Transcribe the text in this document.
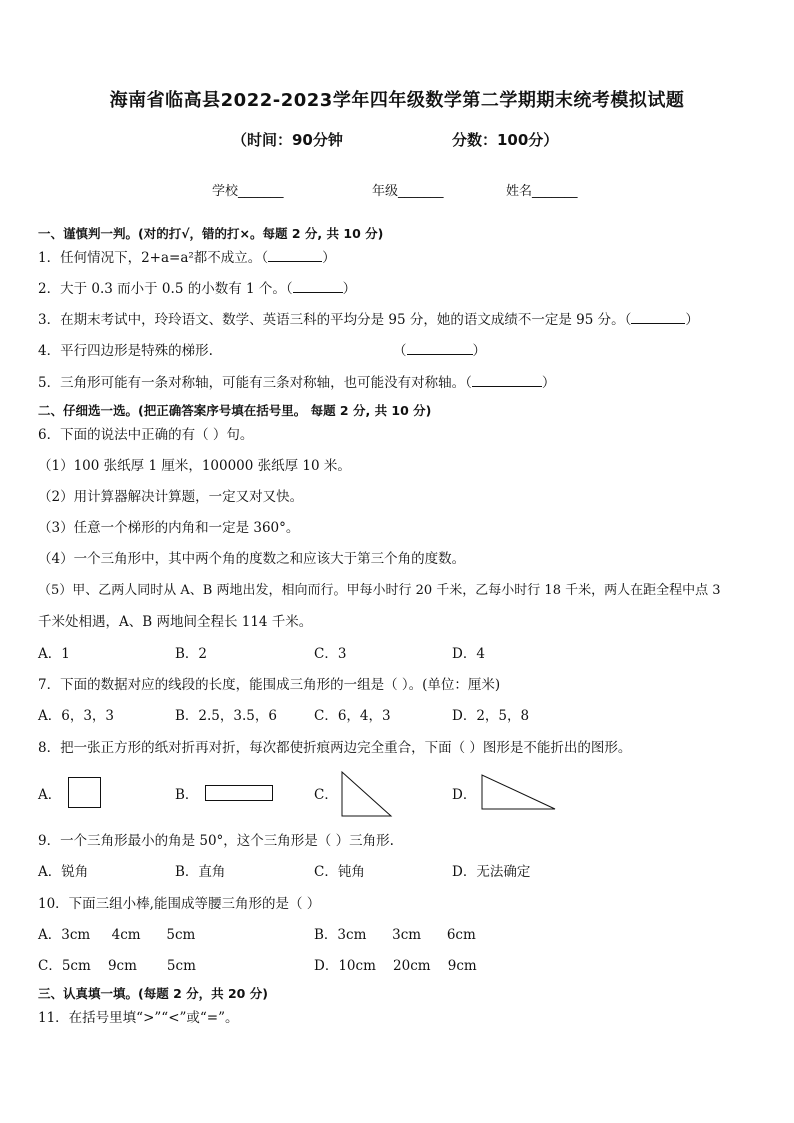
海南省临高县2022-2023学年四年级数学第二学期期末统考模拟试题
（时间：90分钟	分数：100分）
学校_______	年级_______	姓名_______
一、谨慎判一判。(对的打√，错的打×。每题 2 分, 共 10 分)
1．任何情况下，2+a=a²都不成立。（	）
2．大于 0.3 而小于 0.5 的小数有 1 个。（	）
3．在期末考试中，玲玲语文、数学、英语三科的平均分是 95 分，她的语文成绩不一定是 95 分。（	）
4．平行四边形是特殊的梯形.	（	）
5．三角形可能有一条对称轴，可能有三条对称轴，也可能没有对称轴。（	）
二、仔细选一选。(把正确答案序号填在括号里。 每题 2 分, 共 10 分)
6．下面的说法中正确的有（ ）句。
（1）100 张纸厚 1 厘米，100000 张纸厚 10 米。
（2）用计算器解决计算题，一定又对又快。
（3）任意一个梯形的内角和一定是 360°。
（4）一个三角形中，其中两个角的度数之和应该大于第三个角的度数。
（5）甲、乙两人同时从 A、B 两地出发，相向而行。甲每小时行 20 千米，乙每小时行 18 千米，两人在距全程中点 3
千米处相遇，A、B 两地间全程长 114 千米。
A．1	B．2	C．3	D．4
7．下面的数据对应的线段的长度，能围成三角形的一组是（ ）。(单位：厘米)
A．6，3，3	B．2.5，3.5，6	C．6，4，3	D．2，5，8
8．把一张正方形的纸对折再对折，每次都使折痕两边完全重合，下面（ ）图形是不能折出的图形。
A．	B．	C．	D．
9．一个三角形最小的角是 50°，这个三角形是（ ）三角形.
A．锐角	B．直角	C．钝角	D．无法确定
10．下面三组小棒,能围成等腰三角形的是（ ）
A．3cm     4cm      5cm	B．3cm      3cm      6cm
C．5cm    9cm       5cm	D．10cm    20cm    9cm
三、认真填一填。(每题 2 分，共 20 分)
11．在括号里填“>”“<”或“=”。
